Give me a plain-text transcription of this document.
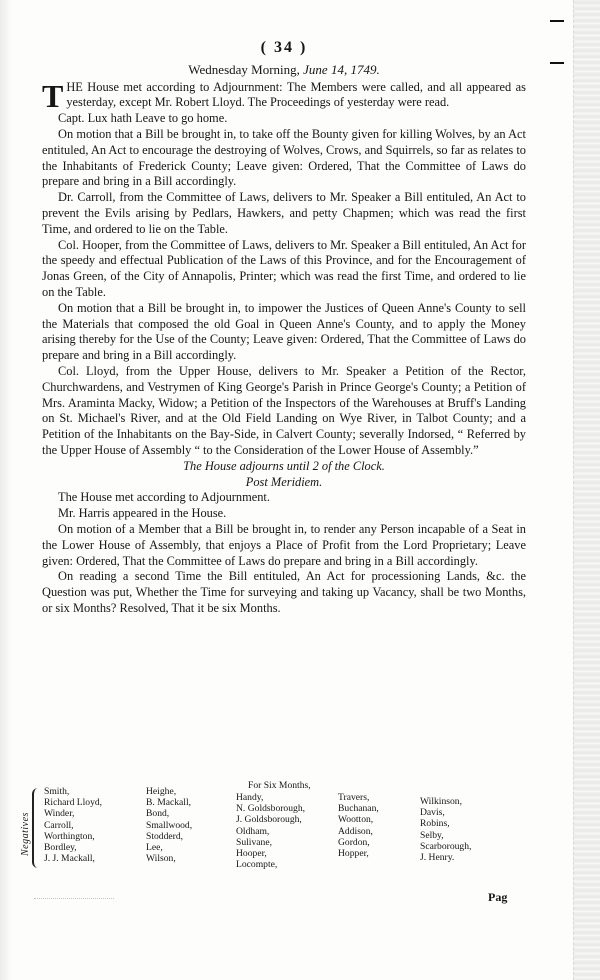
( 34 )
Wednesday Morning, June 14, 1749.

THE House met according to Adjournment: The Members were called, and all appeared as yesterday, except Mr. Robert Lloyd. The Proceedings of yesterday were read.

Capt. Lux hath Leave to go home.

On motion that a Bill be brought in, to take off the Bounty given for killing Wolves, by an Act entituled, An Act to encourage the destroying of Wolves, Crows, and Squirrels, so far as relates to the Inhabitants of Frederick County; Leave given: Ordered, That the Committee of Laws do prepare and bring in a Bill accordingly.

Dr. Carroll, from the Committee of Laws, delivers to Mr. Speaker a Bill entituled, An Act to prevent the Evils arising by Pedlars, Hawkers, and petty Chapmen; which was read the first Time, and ordered to lie on the Table.

Col. Hooper, from the Committee of Laws, delivers to Mr. Speaker a Bill entituled, An Act for the speedy and effectual Publication of the Laws of this Province, and for the Encouragement of Jonas Green, of the City of Annapolis, Printer; which was read the first Time, and ordered to lie on the Table.

On motion that a Bill be brought in, to impower the Justices of Queen Anne's County to sell the Materials that composed the old Goal in Queen Anne's County, and to apply the Money arising thereby for the Use of the County; Leave given: Ordered, That the Committee of Laws do prepare and bring in a Bill accordingly.

Col. Lloyd, from the Upper House, delivers to Mr. Speaker a Petition of the Rector, Churchwardens, and Vestrymen of King George's Parish in Prince George's County; a Petition of Mrs. Araminta Macky, Widow; a Petition of the Inspectors of the Warehouses at Bruff's Landing on St. Michael's River, and at the Old Field Landing on Wye River, in Talbot County; and a Petition of the Inhabitants on the Bay-Side, in Calvert County; severally Indorsed, “ Referred by the Upper House of Assembly “ to the Consideration of the Lower House of Assembly.”

The House adjourns until 2 of the Clock.

Post Meridiem.

The House met according to Adjournment.

Mr. Harris appeared in the House.

On motion of a Member that a Bill be brought in, to render any Person incapable of a Seat in the Lower House of Assembly, that enjoys a Place of Profit from the Lord Proprietary; Leave given: Ordered, That the Committee of Laws do prepare and bring in a Bill accordingly.

On reading a second Time the Bill entituled, An Act for processioning Lands, &c. the Question was put, Whether the Time for surveying and taking up Vacancy, shall be two Months, or six Months? Resolved, That it be six Months.

Negatives
For Six Months,
Smith,
Richard Lloyd,
Winder,
Carroll,
Worthington,
Bordley,
J. J. Mackall,
Heighe,
B. Mackall,
Bond,
Smallwood,
Stodderd,
Lee,
Wilson,
Handy,
N. Goldsborough,
J. Goldsborough,
Oldham,
Sulivane,
Hooper,
Locompte,
Travers,
Buchanan,
Wootton,
Addison,
Gordon,
Hopper,
Wilkinson,
Davis,
Robins,
Selby,
Scarborough,
J. Henry.
Pag
